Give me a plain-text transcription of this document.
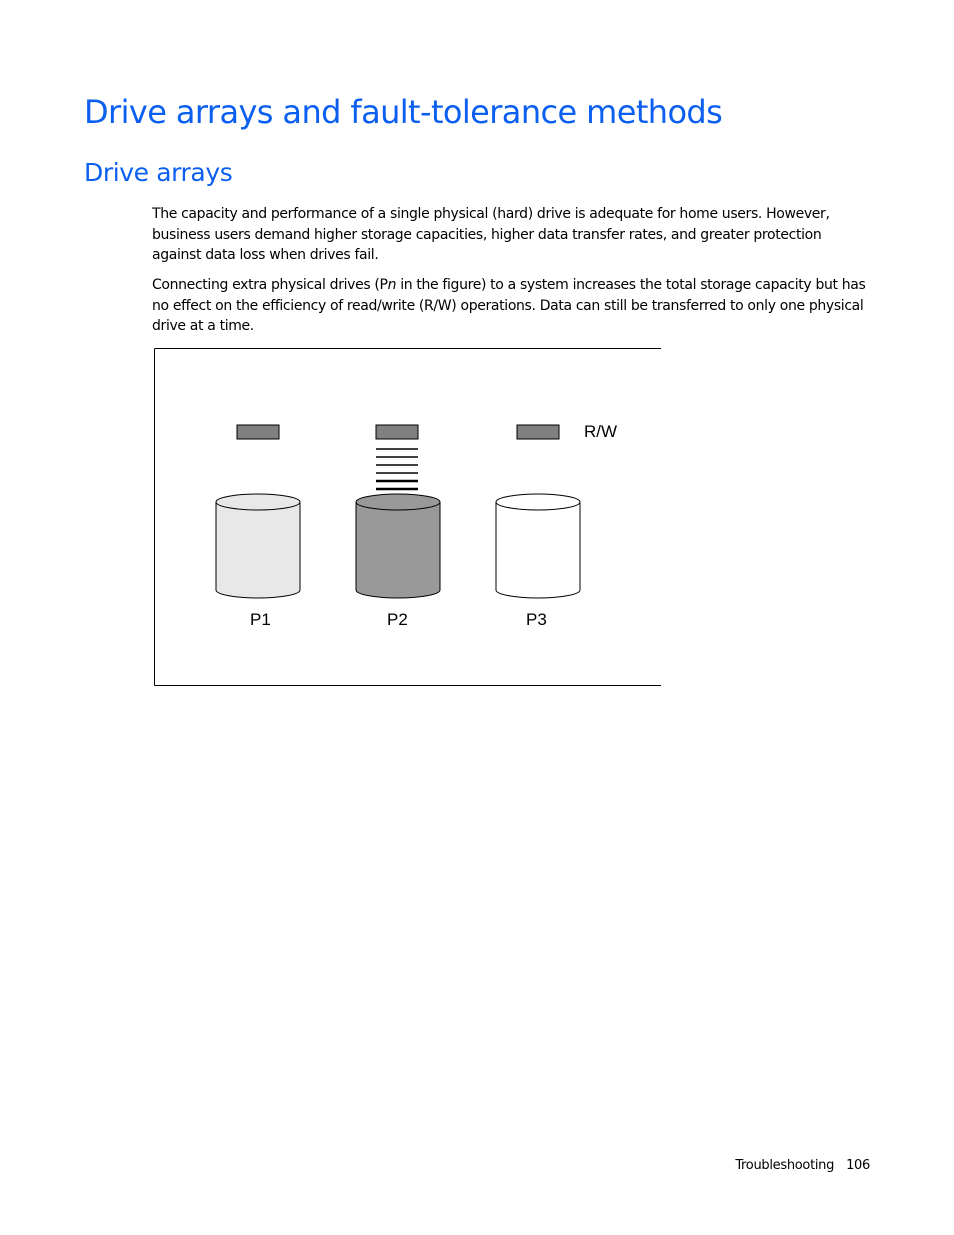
Drive arrays and fault-tolerance methods
Drive arrays

The capacity and performance of a single physical (hard) drive is adequate for home users. However, business users demand higher storage capacities, higher data transfer rates, and greater protection against data loss when drives fail.

Connecting extra physical drives (Pn in the figure) to a system increases the total storage capacity but has no effect on the efficiency of read/write (R/W) operations. Data can still be transferred to only one physical drive at a time.

R/W
P1	P2	P3
Troubleshooting 106
